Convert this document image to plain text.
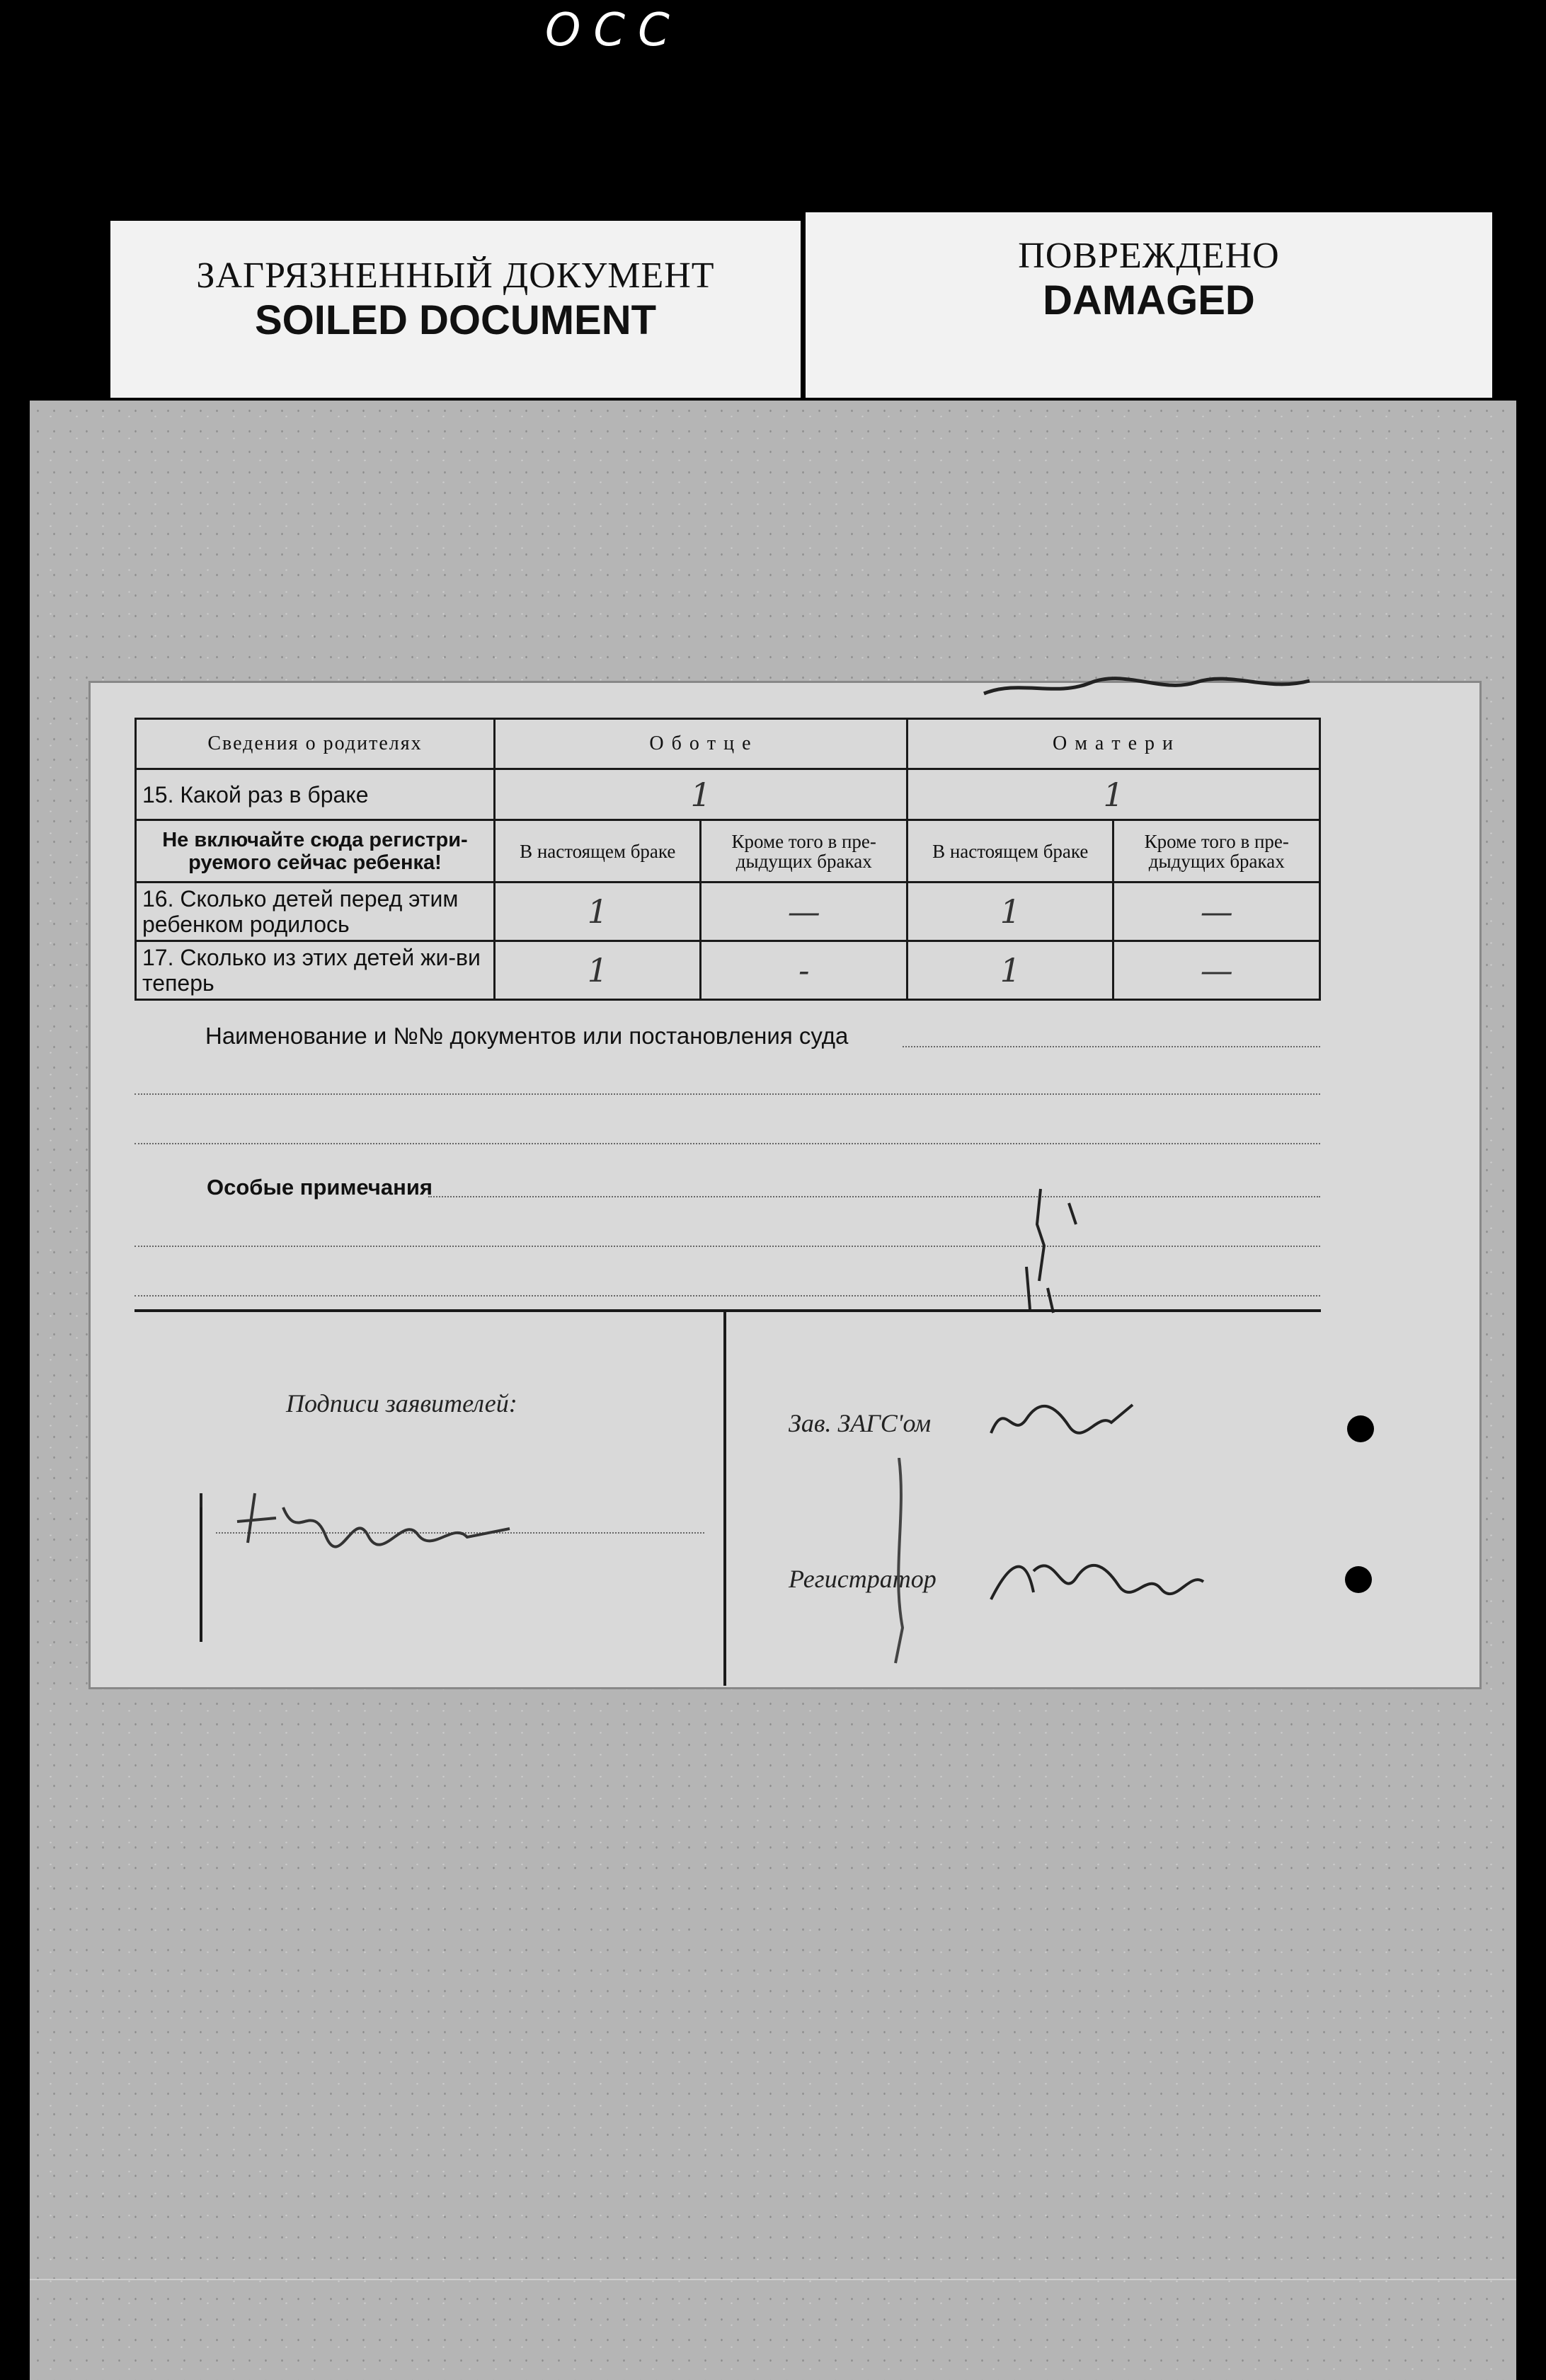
ОСС
ЗАГРЯЗНЕННЫЙ ДОКУМЕНТ
SOILED DOCUMENT
ПОВРЕЖДЕНО
DAMAGED
Сведения о родителях	О б о т ц е		О м а т е р и	
15. Какой раз в браке	1		1	
Не включайте сюда регистри-руемого сейчас ребенка!	В настоящем браке	Кроме того в пре-дыдущих браках	В настоящем браке	Кроме того в пре-дыдущих браках
16. Сколько детей перед этим ребенком родилось	1	—	1	—
17. Сколько из этих детей жи-ви теперь	1	-	1	—
Наименование и №№ документов или постановления суда
Особые примечания
Подписи заявителей:
Зав. ЗАГС'ом
Регистратор
